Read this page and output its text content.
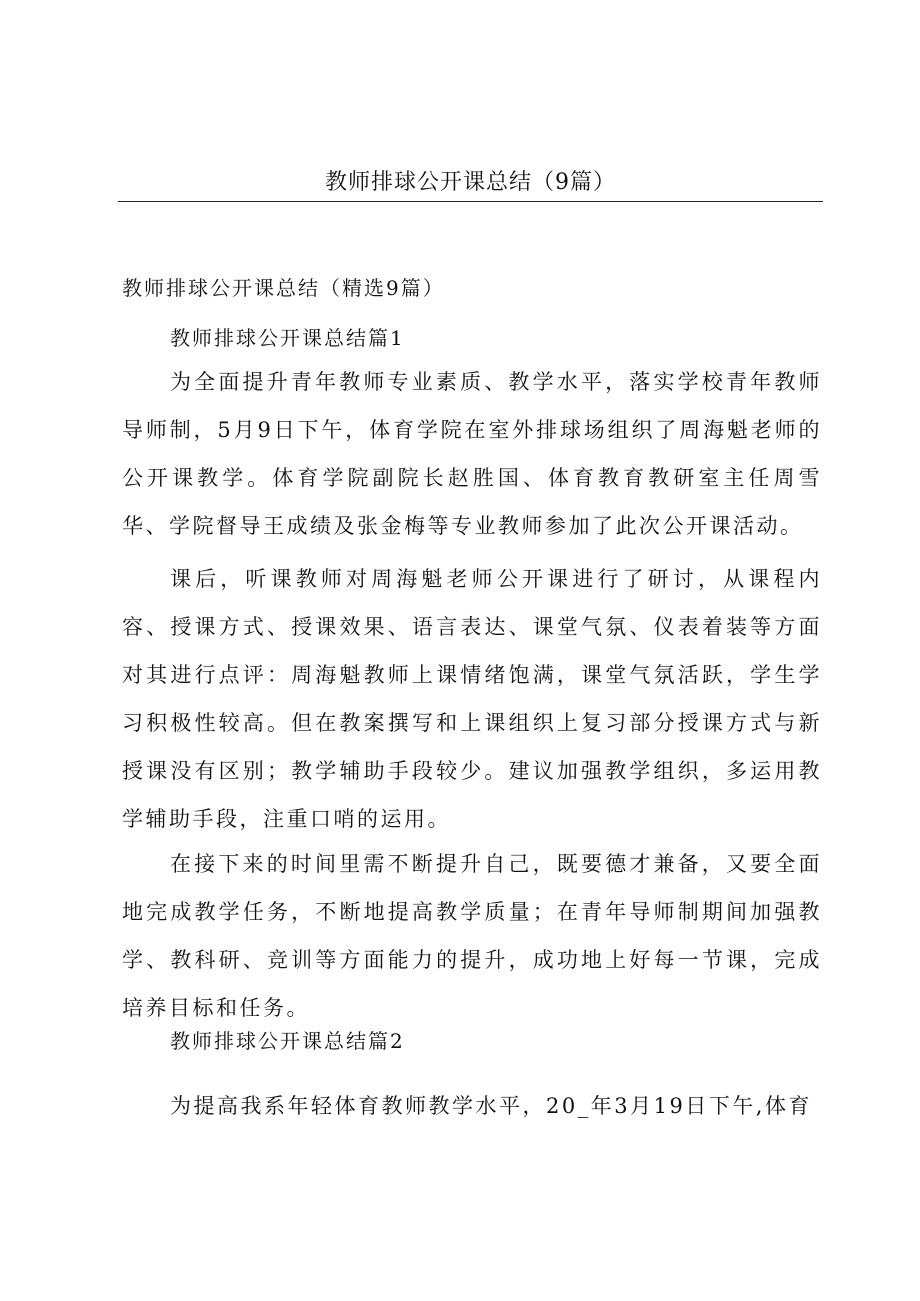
教师排球公开课总结（9篇）
教师排球公开课总结（精选9篇）
教师排球公开课总结篇1

为全面提升青年教师专业素质、教学水平，落实学校青年教师导师制，5月9日下午，体育学院在室外排球场组织了周海魁老师的公开课教学。体育学院副院长赵胜国、体育教育教研室主任周雪华、学院督导王成绩及张金梅等专业教师参加了此次公开课活动。

课后，听课教师对周海魁老师公开课进行了研讨，从课程内容、授课方式、授课效果、语言表达、课堂气氛、仪表着装等方面对其进行点评：周海魁教师上课情绪饱满，课堂气氛活跃，学生学习积极性较高。但在教案撰写和上课组织上复习部分授课方式与新授课没有区别；教学辅助手段较少。建议加强教学组织，多运用教学辅助手段，注重口哨的运用。

在接下来的时间里需不断提升自己，既要德才兼备，又要全面地完成教学任务，不断地提高教学质量；在青年导师制期间加强教学、教科研、竞训等方面能力的提升，成功地上好每一节课，完成培养目标和任务。

教师排球公开课总结篇2

为提高我系年轻体育教师教学水平，20_年3月19日下午,体育
